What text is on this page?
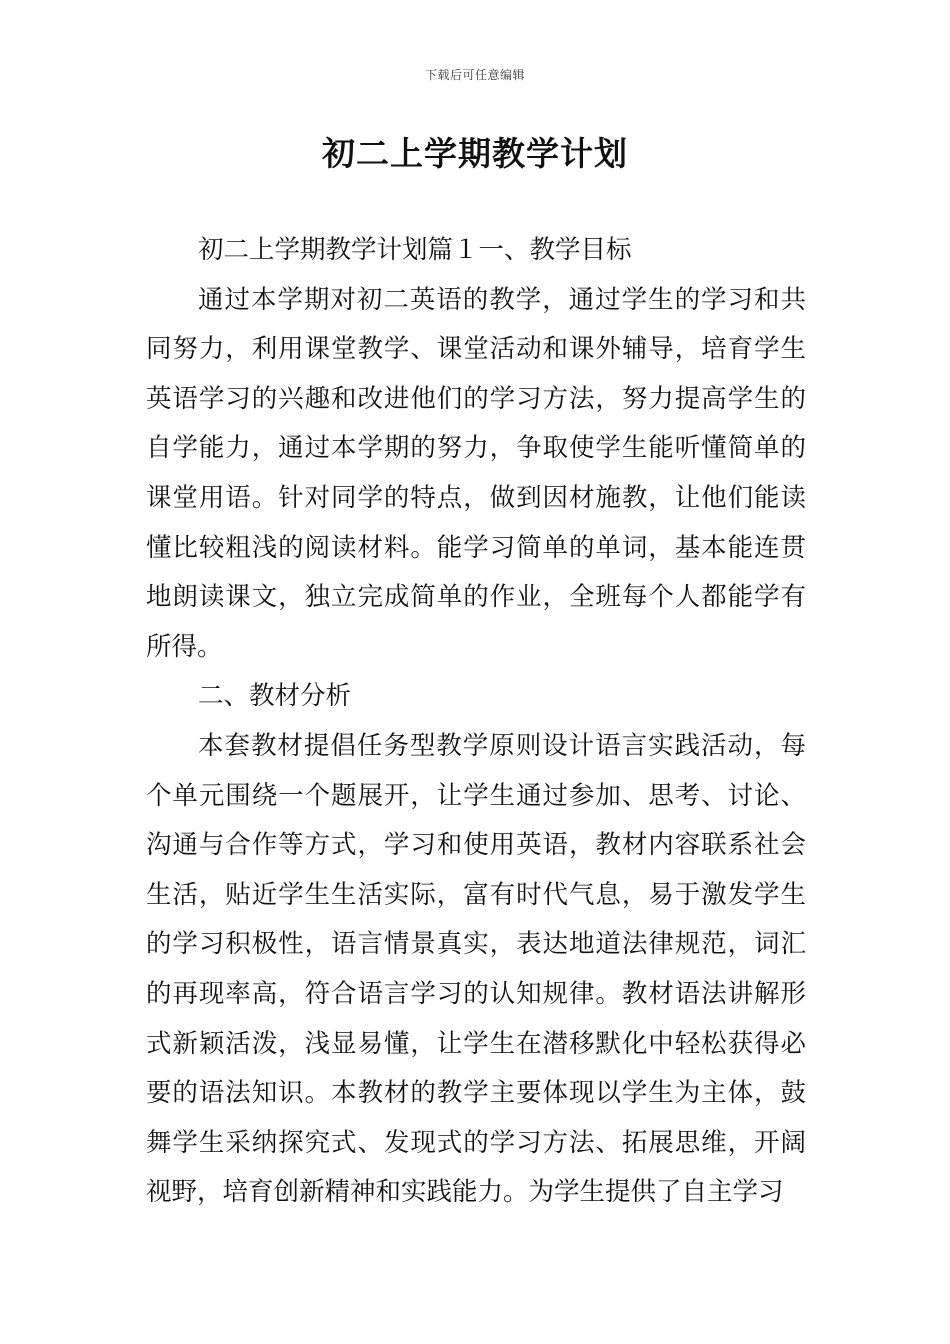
下载后可任意编辑
初二上学期教学计划

初二上学期教学计划篇１一、教学目标

通过本学期对初二英语的教学，通过学生的学习和共同努力，利用课堂教学、课堂活动和课外辅导，培育学生英语学习的兴趣和改进他们的学习方法，努力提高学生的自学能力，通过本学期的努力，争取使学生能听懂简单的课堂用语。针对同学的特点，做到因材施教，让他们能读懂比较粗浅的阅读材料。能学习简单的单词，基本能连贯地朗读课文，独立完成简单的作业，全班每个人都能学有所得。

二、教材分析

本套教材提倡任务型教学原则设计语言实践活动，每个单元围绕一个题展开，让学生通过参加、思考、讨论、沟通与合作等方式，学习和使用英语，教材内容联系社会生活，贴近学生生活实际，富有时代气息，易于激发学生的学习积极性，语言情景真实，表达地道法律规范，词汇的再现率高，符合语言学习的认知规律。教材语法讲解形式新颖活泼，浅显易懂，让学生在潜移默化中轻松获得必要的语法知识。本教材的教学主要体现以学生为主体，鼓舞学生采纳探究式、发现式的学习方法、拓展思维，开阔视野，培育创新精神和实践能力。为学生提供了自主学习
